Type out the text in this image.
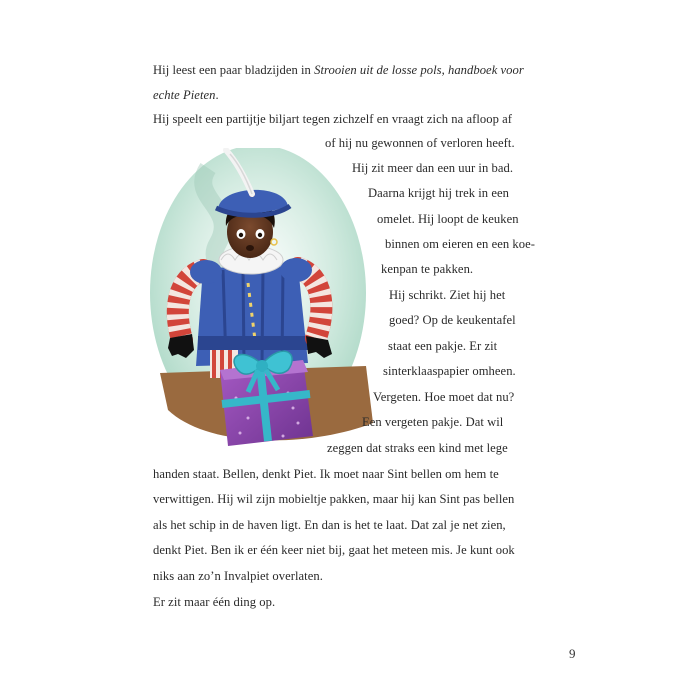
Hij leest een paar bladzijden in Strooien uit de losse pols, handboek voor
echte Pieten.
Hij speelt een partijtje biljart tegen zichzelf en vraagt zich na afloop af
of hij nu gewonnen of verloren heeft.
Hij zit meer dan een uur in bad.
Daarna krijgt hij trek in een
omelet. Hij loopt de keuken
binnen om eieren en een koe-
kenpan te pakken.
Hij schrikt. Ziet hij het
goed? Op de keukentafel
staat een pakje. Er zit
sinterklaaspapier omheen.
Vergeten. Hoe moet dat nu?
Een vergeten pakje. Dat wil
zeggen dat straks een kind met lege
handen staat. Bellen, denkt Piet. Ik moet naar Sint bellen om hem te
verwittigen. Hij wil zijn mobieltje pakken, maar hij kan Sint pas bellen
als het schip in de haven ligt. En dan is het te laat. Dat zal je net zien,
denkt Piet. Ben ik er één keer niet bij, gaat het meteen mis. Je kunt ook
niks aan zo’n Invalpiet overlaten.
Er zit maar één ding op.
9
